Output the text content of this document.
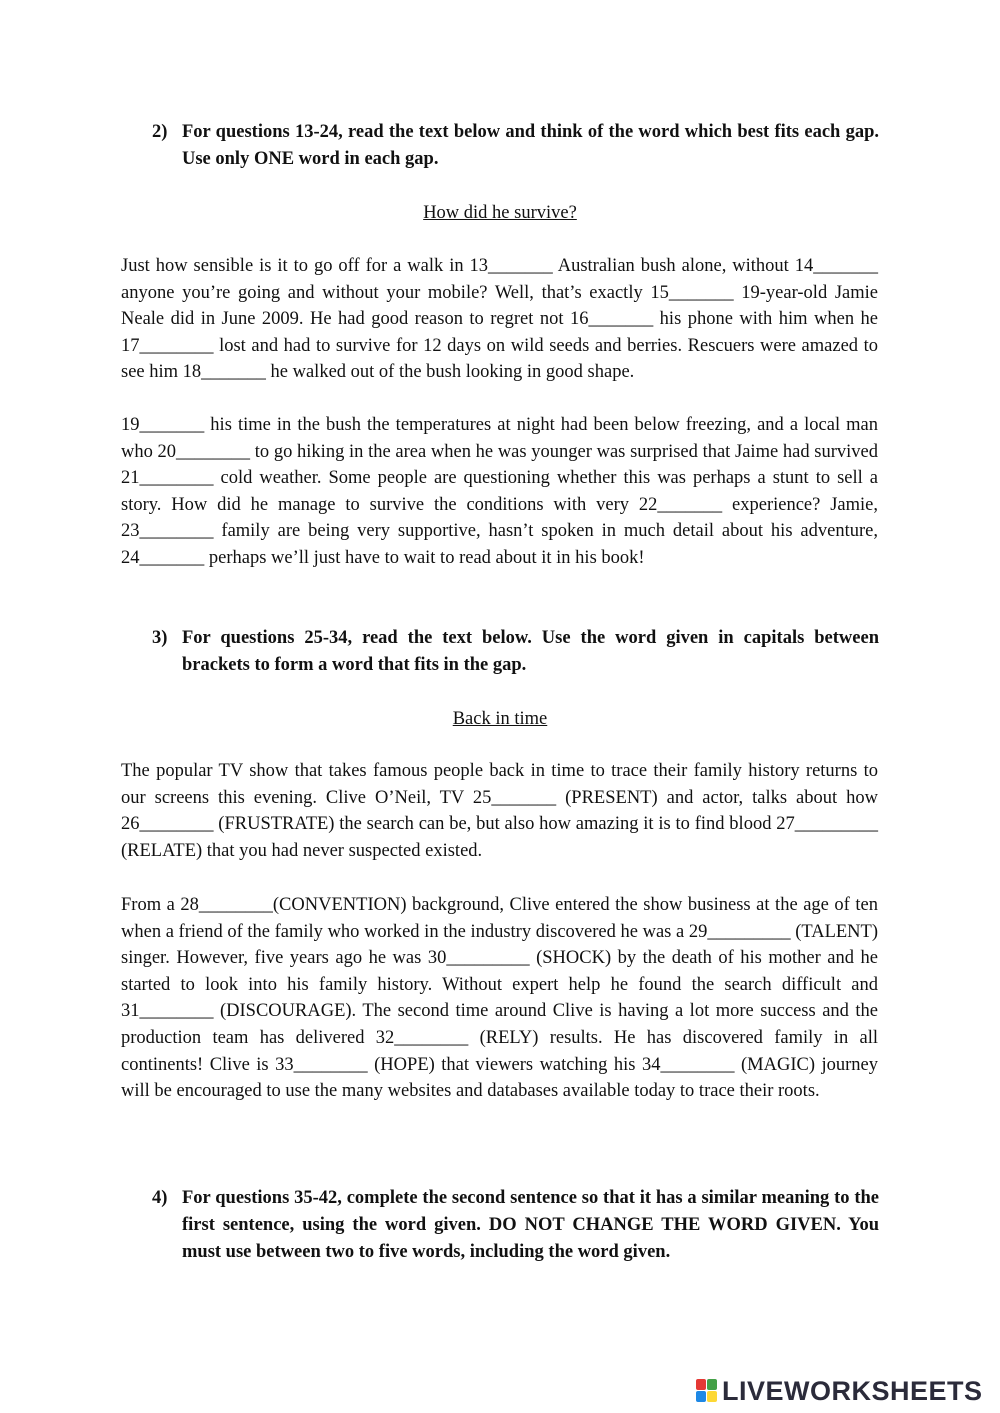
2) For questions 13-24, read the text below and think of the word which best fits each gap. Use only ONE word in each gap.
How did he survive?

Just how sensible is it to go off for a walk in 13_______ Australian bush alone, without 14_______ anyone you’re going and without your mobile? Well, that’s exactly 15_______ 19-year-old Jamie Neale did in June 2009. He had good reason to regret not 16_______ his phone with him when he 17________ lost and had to survive for 12 days on wild seeds and berries. Rescuers were amazed to see him 18_______ he walked out of the bush looking in good shape.

19_______ his time in the bush the temperatures at night had been below freezing, and a local man who 20________ to go hiking in the area when he was younger was surprised that Jaime had survived 21________ cold weather. Some people are questioning whether this was perhaps a stunt to sell a story. How did he manage to survive the conditions with very 22_______ experience? Jamie, 23________ family are being very supportive, hasn’t spoken in much detail about his adventure, 24_______ perhaps we’ll just have to wait to read about it in his book!

3) For questions 25-34, read the text below. Use the word given in capitals between brackets to form a word that fits in the gap.
Back in time

The popular TV show that takes famous people back in time to trace their family history returns to our screens this evening. Clive O’Neil, TV 25_______ (PRESENT) and actor, talks about how 26________ (FRUSTRATE) the search can be, but also how amazing it is to find blood 27_________ (RELATE) that you had never suspected existed.

From a 28________(CONVENTION) background, Clive entered the show business at the age of ten when a friend of the family who worked in the industry discovered he was a 29_________ (TALENT) singer. However, five years ago he was 30_________ (SHOCK) by the death of his mother and he started to look into his family history. Without expert help he found the search difficult and 31________ (DISCOURAGE). The second time around Clive is having a lot more success and the production team has delivered 32________ (RELY) results. He has discovered family in all continents! Clive is 33________ (HOPE) that viewers watching his 34________ (MAGIC) journey will be encouraged to use the many websites and databases available today to trace their roots.

4) For questions 35-42, complete the second sentence so that it has a similar meaning to the first sentence, using the word given. DO NOT CHANGE THE WORD GIVEN. You must use between two to five words, including the word given.
LIVEWORKSHEETS
